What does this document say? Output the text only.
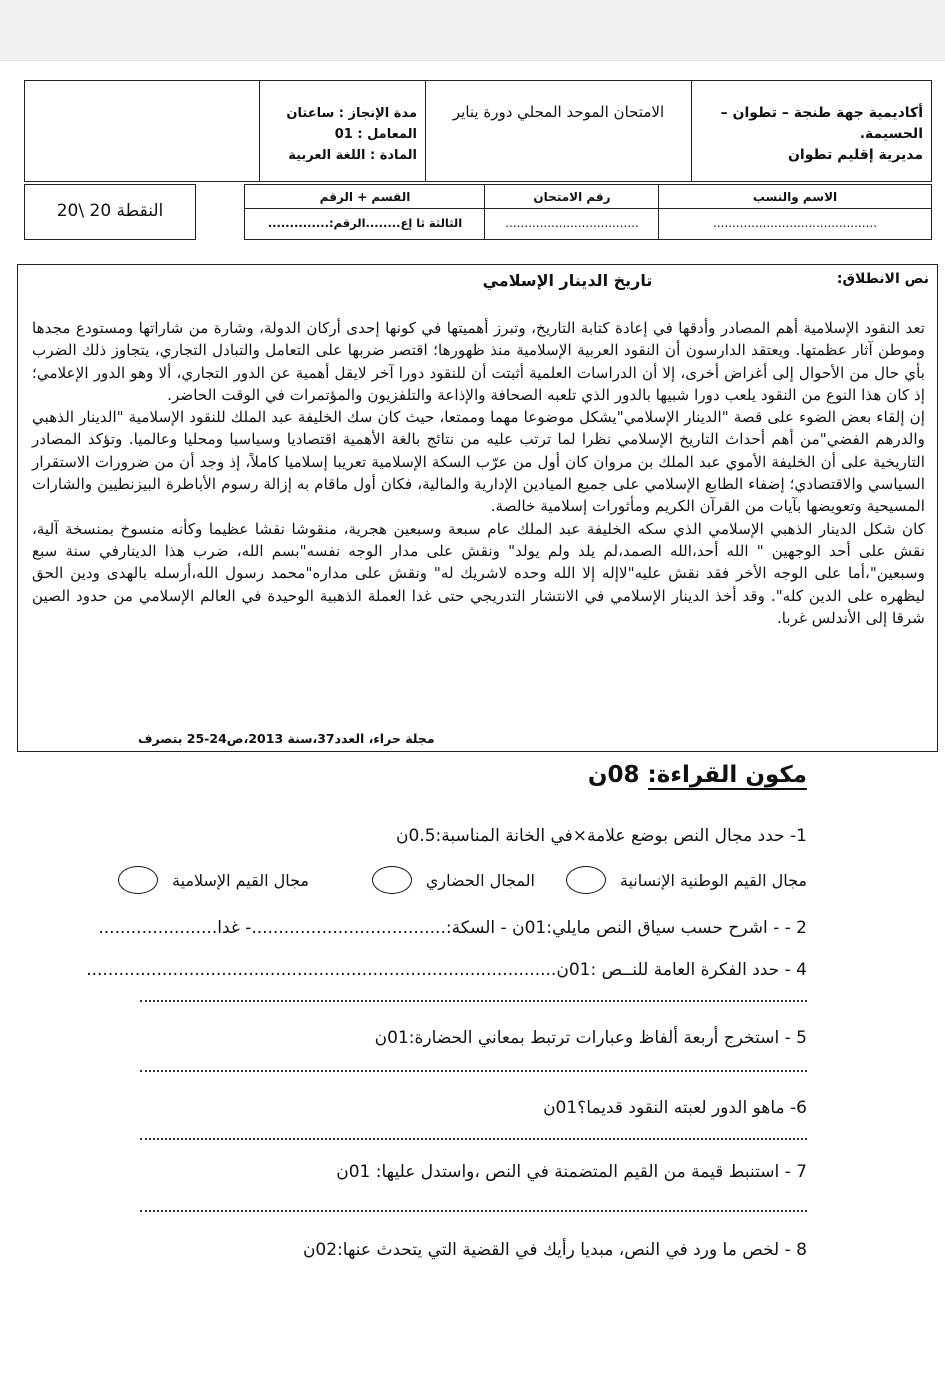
أكاديمية جهة طنجة – تطوان – الحسيمة.
مديرية إقليم تطوان
الامتحان الموحد المحلي دورة يناير
مدة الإنجاز : ساعتان
المعامل : 01
المادة : اللغة العربية
النقطة 20 \20
الاسم والنسب
رقم الامتحان
القسم + الرقم
...........................................
...................................
الثالثة ثا إع........الرقم:..............
نص الانطلاق:
تاريخ الدينار الإسلامي

تعد النقود الإسلامية أهم المصادر وأدقها في إعادة كتابة التاريخ، وتبرز أهميتها في كونها إحدى أركان الدولة، وشارة من شاراتها ومستودع مجدها وموطن آثار عظمتها. ويعتقد الدارسون أن النقود العربية الإسلامية منذ ظهورها؛ اقتصر ضربها على التعامل والتبادل التجاري، يتجاوز ذلك الضرب بأي حال من الأحوال إلى أغراض أخرى، إلا أن الدراسات العلمية أثبتت أن للنقود دورا آخر لايقل أهمية عن الدور التجاري، ألا وهو الدور الإعلامي؛ إذ كان هذا النوع من النقود يلعب دورا شبيها بالدور الذي تلعبه الصحافة والإذاعة والتلفزيون والمؤتمرات في الوقت الحاضر.

إن إلقاء بعض الضوء على قصة "الدينار الإسلامي"يشكل موضوعا مهما وممتعا، حيث كان سك الخليفة عبد الملك للنقود الإسلامية "الدينار الذهبي والدرهم الفضي"من أهم أحداث التاريخ الإسلامي نظرا لما ترتب عليه من نتائج بالغة الأهمية اقتصاديا وسياسيا ومحليا وعالميا. وتؤكد المصادر التاريخية على أن الخليفة الأموي عبد الملك بن مروان كان أول من عرّب السكة الإسلامية تعريبا إسلاميا كاملاً، إذ وجد أن من ضرورات الاستقرار السياسي والاقتصادي؛ إضفاء الطابع الإسلامي على جميع الميادين الإدارية والمالية، فكان أول ماقام به إزالة رسوم الأباطرة البيزنطيين والشارات المسيحية وتعويضها بآيات من القرآن الكريم ومأثورات إسلامية خالصة.

كان شكل الدينار الذهبي الإسلامي الذي سكه الخليفة عبد الملك عام سبعة وسبعين هجرية، منقوشا نقشا عظيما وكأنه منسوخ بمنسخة آلية، نقش على أحد الوجهين " الله أحد،الله الصمد،لم يلد ولم يولد" ونقش على مدار الوجه نفسه"بسم الله، ضرب هذا الدينارفي سنة سبع وسبعين"،أما على الوجه الأخر فقد نقش عليه"لاإله إلا الله وحده لاشريك له" ونقش على مداره"محمد رسول الله،أرسله بالهدى ودين الحق ليظهره على الدين كله". وقد أخذ الدينار الإسلامي في الانتشار التدريجي حتى غدا العملة الذهبية الوحيدة في العالم الإسلامي من حدود الصين شرقا إلى الأندلس غربا.

مجلة حراء، العدد37،سنة 2013،ص24-25 بتصرف
مكون القراءة: 08ن
1- حدد مجال النص بوضع علامة×في الخانة المناسبة:0.5ن
مجال القيم الوطنية الإنسانية
المجال الحضاري
مجال القيم الإسلامية
2 - - اشرح حسب سياق النص مايلي:01ن - السكة:....................................- غدا......................
4 - حدد الفكرة العامة للنــص :01ن.......................................................................................
5 - استخرج أربعة ألفاظ وعبارات ترتبط بمعاني الحضارة:01ن
6- ماهو الدور لعبته النقود قديما؟01ن
7 - استنبط قيمة من القيم المتضمنة في النص ،واستدل عليها: 01ن
8 - لخص ما ورد في النص، مبديا رأيك في القضية التي يتحدث عنها:02ن
